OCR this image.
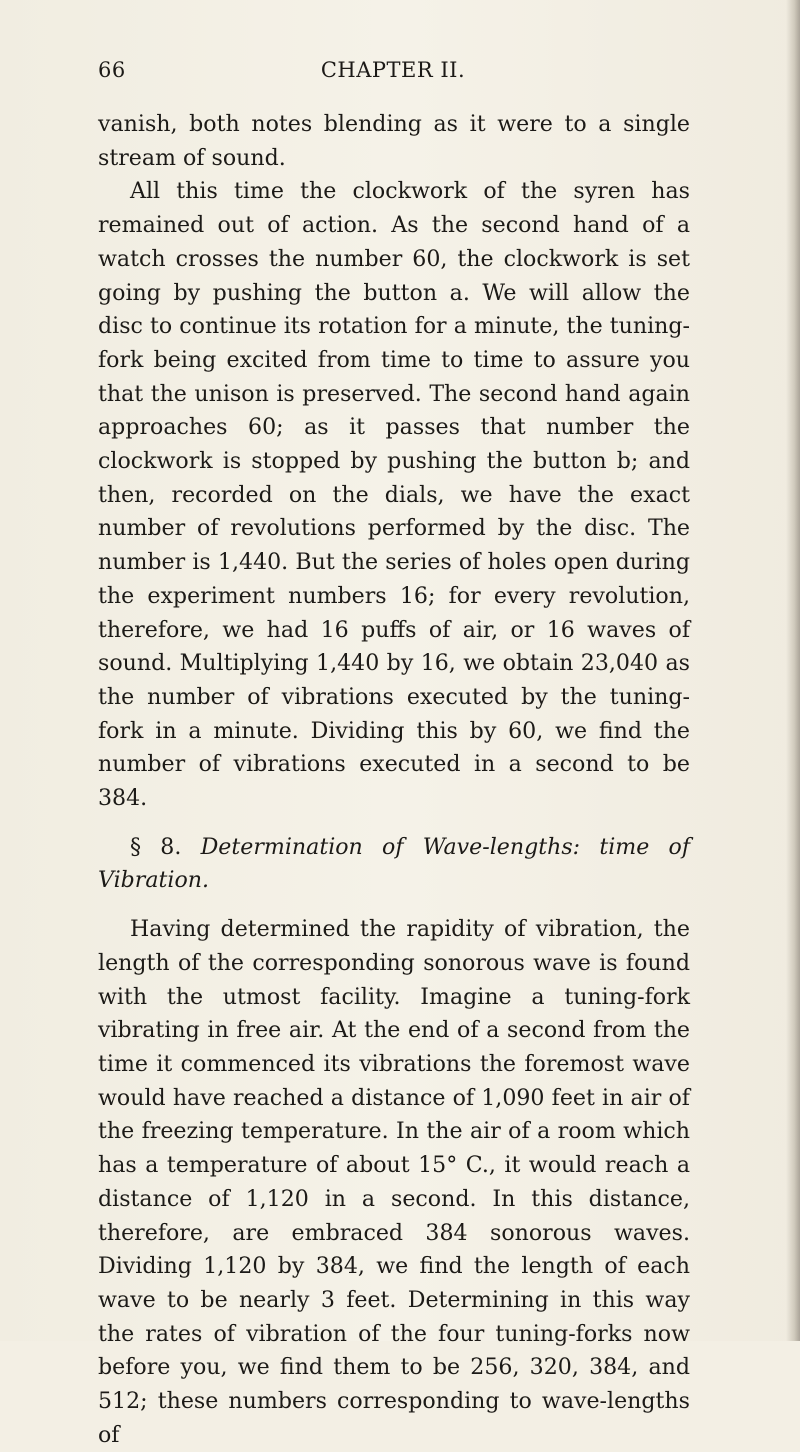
CHAPTER II.
66

vanish, both notes blending as it were to a single stream of sound.

All this time the clockwork of the syren has remained out of action. As the second hand of a watch crosses the number 60, the clockwork is set going by pushing the button a. We will allow the disc to continue its rotation for a minute, the tuning-fork being excited from time to time to assure you that the unison is preserved. The second hand again approaches 60; as it passes that number the clockwork is stopped by pushing the button b; and then, recorded on the dials, we have the exact number of revolutions performed by the disc. The number is 1,440. But the series of holes open during the experiment numbers 16; for every revolution, therefore, we had 16 puffs of air, or 16 waves of sound. Multiplying 1,440 by 16, we obtain 23,040 as the number of vibrations executed by the tuning-fork in a minute. Dividing this by 60, we find the number of vibrations executed in a second to be 384.

§ 8. Determination of Wave-lengths: time of Vibration.

Having determined the rapidity of vibration, the length of the corresponding sonorous wave is found with the utmost facility. Imagine a tuning-fork vibrating in free air. At the end of a second from the time it commenced its vibrations the foremost wave would have reached a distance of 1,090 feet in air of the freezing temperature. In the air of a room which has a temperature of about 15° C., it would reach a distance of 1,120 in a second. In this distance, therefore, are embraced 384 sonorous waves. Dividing 1,120 by 384, we find the length of each wave to be nearly 3 feet. Determining in this way the rates of vibration of the four tuning-forks now before you, we find them to be 256, 320, 384, and 512; these numbers corresponding to wave-lengths of
